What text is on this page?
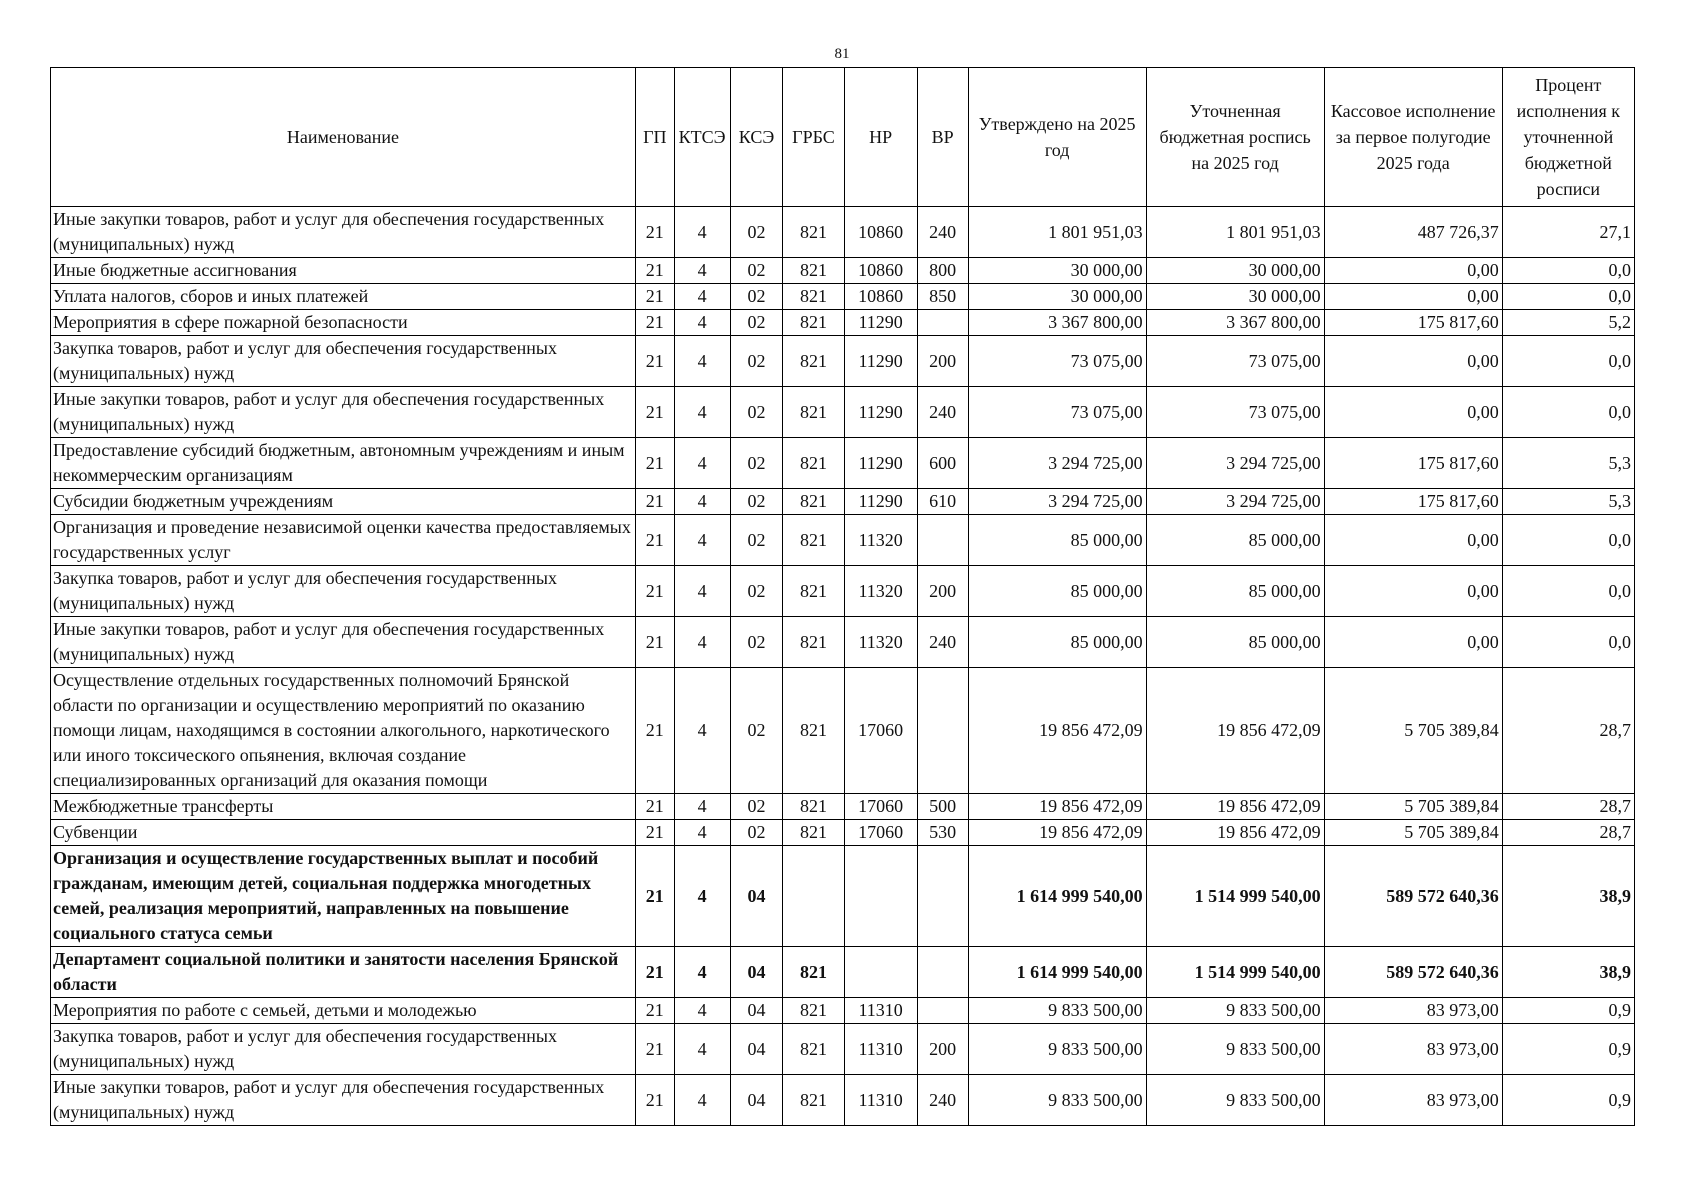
81
Наименование	ГП	КТСЭ	КСЭ	ГРБС	НР	ВР	Утверждено на 2025 год	Уточненная бюджетная роспись на 2025 год	Кассовое исполнение за первое полугодие 2025 года	Процент исполнения к уточненной бюджетной росписи
Иные закупки товаров, работ и услуг для обеспечения государственных (муниципальных) нужд	21	4	02	821	10860	240	1 801 951,03	1 801 951,03	487 726,37	27,1
Иные бюджетные ассигнования	21	4	02	821	10860	800	30 000,00	30 000,00	0,00	0,0
Уплата налогов, сборов и иных платежей	21	4	02	821	10860	850	30 000,00	30 000,00	0,00	0,0
Мероприятия в сфере пожарной безопасности	21	4	02	821	11290		3 367 800,00	3 367 800,00	175 817,60	5,2
Закупка товаров, работ и услуг для обеспечения государственных (муниципальных) нужд	21	4	02	821	11290	200	73 075,00	73 075,00	0,00	0,0
Иные закупки товаров, работ и услуг для обеспечения государственных (муниципальных) нужд	21	4	02	821	11290	240	73 075,00	73 075,00	0,00	0,0
Предоставление субсидий бюджетным, автономным учреждениям и иным некоммерческим организациям	21	4	02	821	11290	600	3 294 725,00	3 294 725,00	175 817,60	5,3
Субсидии бюджетным учреждениям	21	4	02	821	11290	610	3 294 725,00	3 294 725,00	175 817,60	5,3
Организация и проведение независимой оценки качества предоставляемых государственных услуг	21	4	02	821	11320		85 000,00	85 000,00	0,00	0,0
Закупка товаров, работ и услуг для обеспечения государственных (муниципальных) нужд	21	4	02	821	11320	200	85 000,00	85 000,00	0,00	0,0
Иные закупки товаров, работ и услуг для обеспечения государственных (муниципальных) нужд	21	4	02	821	11320	240	85 000,00	85 000,00	0,00	0,0
Осуществление отдельных государственных полномочий Брянской области по организации и осуществлению мероприятий по оказанию помощи лицам, находящимся в состоянии алкогольного, наркотического или иного токсического опьянения, включая создание специализированных организаций для оказания помощи	21	4	02	821	17060		19 856 472,09	19 856 472,09	5 705 389,84	28,7
Межбюджетные трансферты	21	4	02	821	17060	500	19 856 472,09	19 856 472,09	5 705 389,84	28,7
Субвенции	21	4	02	821	17060	530	19 856 472,09	19 856 472,09	5 705 389,84	28,7
Организация и осуществление государственных выплат и пособий гражданам, имеющим детей, социальная поддержка многодетных семей, реализация мероприятий, направленных на повышение социального статуса семьи	21	4	04				1 614 999 540,00	1 514 999 540,00	589 572 640,36	38,9
Департамент социальной политики и занятости населения Брянской области	21	4	04	821			1 614 999 540,00	1 514 999 540,00	589 572 640,36	38,9
Мероприятия по работе с семьей, детьми и молодежью	21	4	04	821	11310		9 833 500,00	9 833 500,00	83 973,00	0,9
Закупка товаров, работ и услуг для обеспечения государственных (муниципальных) нужд	21	4	04	821	11310	200	9 833 500,00	9 833 500,00	83 973,00	0,9
Иные закупки товаров, работ и услуг для обеспечения государственных (муниципальных) нужд	21	4	04	821	11310	240	9 833 500,00	9 833 500,00	83 973,00	0,9
